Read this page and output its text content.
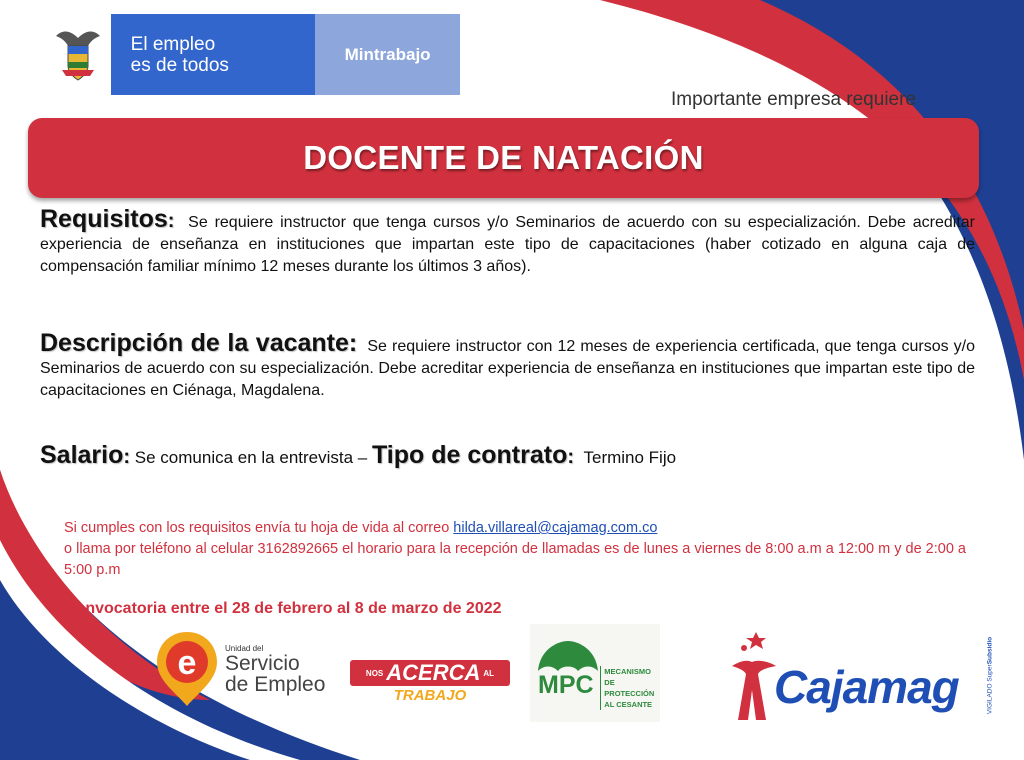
El empleo
es de todos
Mintrabajo
Importante empresa requiere
DOCENTE DE NATACIÓN
Requisitos: Se requiere instructor que tenga cursos y/o Seminarios de acuerdo con su especialización. Debe acreditar experiencia de enseñanza en instituciones que impartan este tipo de capacitaciones (haber cotizado en alguna caja de compensación familiar mínimo 12 meses durante los últimos 3 años).
Descripción de la vacante: Se requiere instructor con 12 meses de experiencia certificada, que tenga cursos y/o Seminarios de acuerdo con su especialización. Debe acreditar experiencia de enseñanza en instituciones que impartan este tipo de capacitaciones en Ciénaga, Magdalena.
Salario: Se comunica en la entrevista – Tipo de contrato: Termino Fijo
Si cumples con los requisitos envía tu hoja de vida al correo hilda.villareal@cajamag.com.co
o llama por teléfono al celular 3162892665 el horario para la recepción de llamadas es de lunes a viernes de 8:00 a.m a 12:00 m y de 2:00 a 5:00 p.m
Convocatoria entre el 28 de febrero al 8 de marzo de 2022
e	Unidad del
Servicio
de Empleo	NOS ACERCA AL
TRABAJO	MPC MECANISMO DE
PROTECCIÓN
AL CESANTE	Cajamag	VIGILADO SuperSubsidio
